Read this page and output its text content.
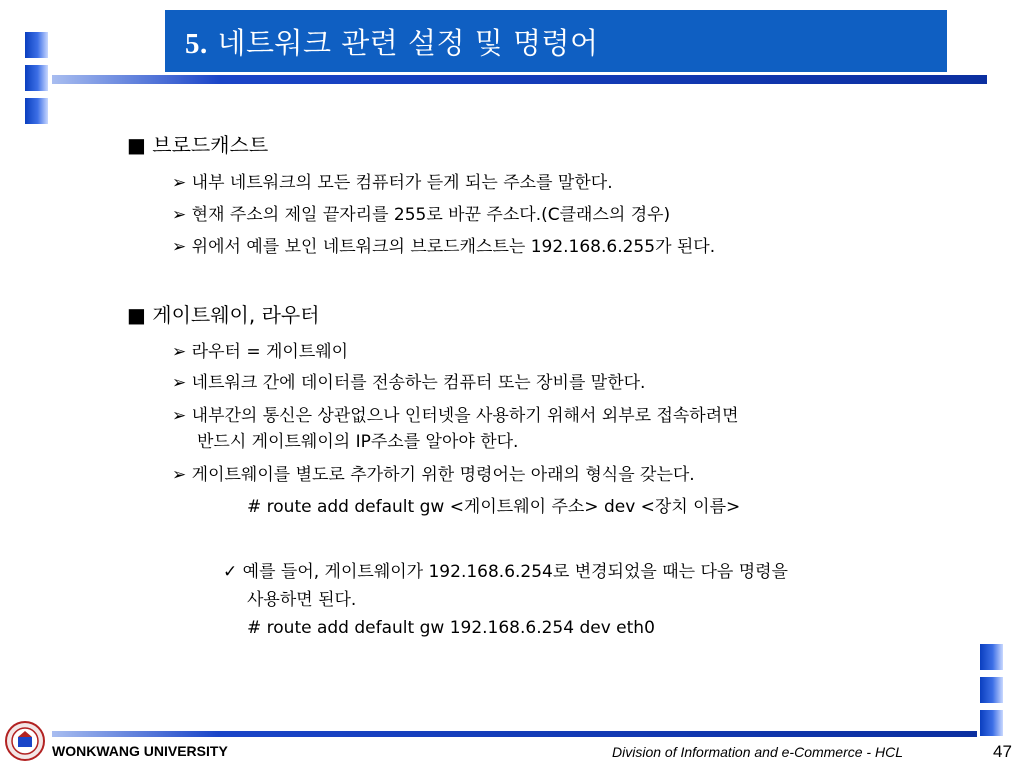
5. 네트워크 관련 설정 및 명령어
■ 브로드캐스트
➢ 내부 네트워크의 모든 컴퓨터가 듣게 되는 주소를 말한다.
➢ 현재 주소의 제일 끝자리를 255로 바꾼 주소다.(C클래스의 경우)
➢ 위에서 예를 보인 네트워크의 브로드캐스트는 192.168.6.255가 된다.
■ 게이트웨이, 라우터
➢ 라우터 = 게이트웨이
➢ 네트워크 간에 데이터를 전송하는 컴퓨터 또는 장비를 말한다.
➢ 내부간의 통신은 상관없으나 인터넷을 사용하기 위해서 외부로 접속하려면
반드시 게이트웨이의 IP주소를 알아야 한다.
➢ 게이트웨이를 별도로 추가하기 위한 명령어는 아래의 형식을 갖는다.
# route add default gw <게이트웨이 주소> dev <장치 이름>
✓ 예를 들어, 게이트웨이가 192.168.6.254로 변경되었을 때는 다음 명령을
사용하면 된다.
# route add default gw 192.168.6.254 dev eth0
WONKWANG UNIVERSITY	Division of Information and e-Commerce - HCL	47
